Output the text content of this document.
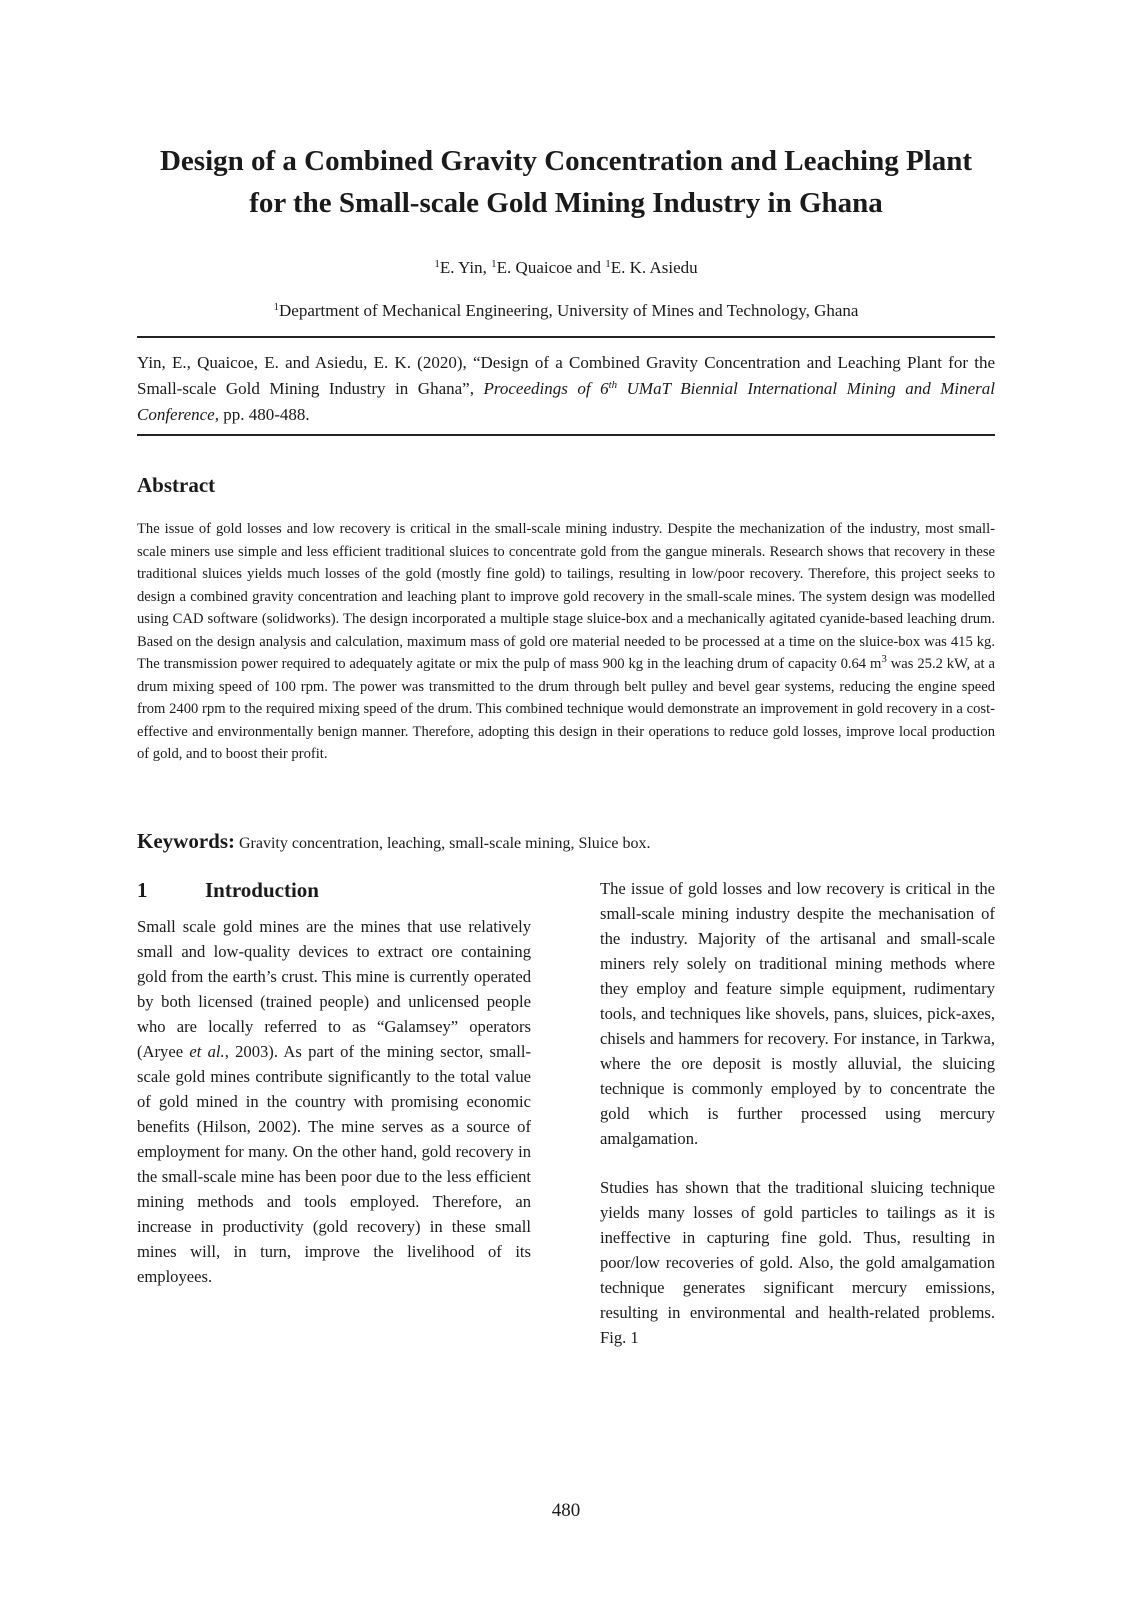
Design of a Combined Gravity Concentration and Leaching Plant
for the Small-scale Gold Mining Industry in Ghana

$^1$E. Yin, $^1$E. Quaicoe and $^1$E. K. Asiedu

$^1$Department of Mechanical Engineering, University of Mines and Technology, Ghana

Yin, E., Quaicoe, E. and Asiedu, E. K. (2020), “Design of a Combined Gravity Concentration and Leaching Plant for the Small-scale Gold Mining Industry in Ghana”, Proceedings of 6th UMaT Biennial International Mining and Mineral Conference, pp. 480-488.

Abstract

The issue of gold losses and low recovery is critical in the small-scale mining industry. Despite the mechanization of the industry, most small-scale miners use simple and less efficient traditional sluices to concentrate gold from the gangue minerals. Research shows that recovery in these traditional sluices yields much losses of the gold (mostly fine gold) to tailings, resulting in low/poor recovery. Therefore, this project seeks to design a combined gravity concentration and leaching plant to improve gold recovery in the small-scale mines. The system design was modelled using CAD software (solidworks). The design incorporated a multiple stage sluice-box and a mechanically agitated cyanide-based leaching drum. Based on the design analysis and calculation, maximum mass of gold ore material needed to be processed at a time on the sluice-box was 415 kg. The transmission power required to adequately agitate or mix the pulp of mass 900 kg in the leaching drum of capacity 0.64 $m^3$ was 25.2 kW, at a drum mixing speed of 100 rpm. The power was transmitted to the drum through belt pulley and bevel gear systems, reducing the engine speed from 2400 rpm to the required mixing speed of the drum. This combined technique would demonstrate an improvement in gold recovery in a cost-effective and environmentally benign manner. Therefore, adopting this design in their operations to reduce gold losses, improve local production of gold, and to boost their profit.

Keywords: Gravity concentration, leaching, small-scale mining, Sluice box.

1	Introduction

Small scale gold mines are the mines that use relatively small and low-quality devices to extract ore containing gold from the earth’s crust. This mine is currently operated by both licensed (trained people) and unlicensed people who are locally referred to as “Galamsey” operators (Aryee et al., 2003). As part of the mining sector, small-scale gold mines contribute significantly to the total value of gold mined in the country with promising economic benefits (Hilson, 2002). The mine serves as a source of employment for many. On the other hand, gold recovery in the small-scale mine has been poor due to the less efficient mining methods and tools employed. Therefore, an increase in productivity (gold recovery) in these small mines will, in turn, improve the livelihood of its employees.

The issue of gold losses and low recovery is critical in the small-scale mining industry despite the mechanisation of the industry. Majority of the artisanal and small-scale miners rely solely on traditional mining methods where they employ and feature simple equipment, rudimentary tools, and techniques like shovels, pans, sluices, pick-axes, chisels and hammers for recovery. For instance, in Tarkwa, where the ore deposit is mostly alluvial, the sluicing technique is commonly employed by to concentrate the gold which is further processed using mercury amalgamation.

Studies has shown that the traditional sluicing technique yields many losses of gold particles to tailings as it is ineffective in capturing fine gold. Thus, resulting in poor/low recoveries of gold. Also, the gold amalgamation technique generates significant mercury emissions, resulting in environmental and health-related problems. Fig. 1

480
